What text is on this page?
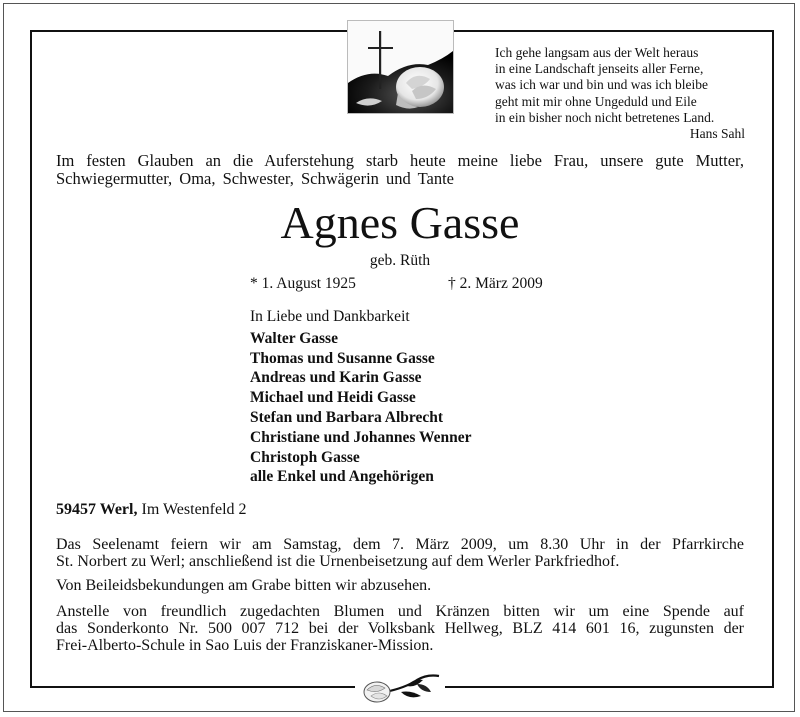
Ich gehe langsam aus der Welt heraus
in eine Landschaft jenseits aller Ferne,
was ich war und bin und was ich bleibe
geht mit mir ohne Ungeduld und Eile
in ein bisher noch nicht betretenes Land.
Hans Sahl
Im festen Glauben an die Auferstehung starb heute meine liebe Frau, unsere gute Mutter,
Schwiegermutter, Oma, Schwester, Schwägerin und Tante
Agnes Gasse
geb. Rüth
* 1. August 1925	† 2. März 2009
In Liebe und Dankbarkeit
Walter Gasse
Thomas und Susanne Gasse
Andreas und Karin Gasse
Michael und Heidi Gasse
Stefan und Barbara Albrecht
Christiane und Johannes Wenner
Christoph Gasse
alle Enkel und Angehörigen
59457 Werl, Im Westenfeld 2
Das Seelenamt feiern wir am Samstag, dem 7. März 2009, um 8.30 Uhr in der Pfarrkirche
St. Norbert zu Werl; anschließend ist die Urnenbeisetzung auf dem Werler Parkfriedhof.
Von Beileidsbekundungen am Grabe bitten wir abzusehen.
Anstelle von freundlich zugedachten Blumen und Kränzen bitten wir um eine Spende auf
das Sonderkonto Nr. 500 007 712 bei der Volksbank Hellweg, BLZ 414 601 16, zugunsten der
Frei-Alberto-Schule in Sao Luis der Franziskaner-Mission.
